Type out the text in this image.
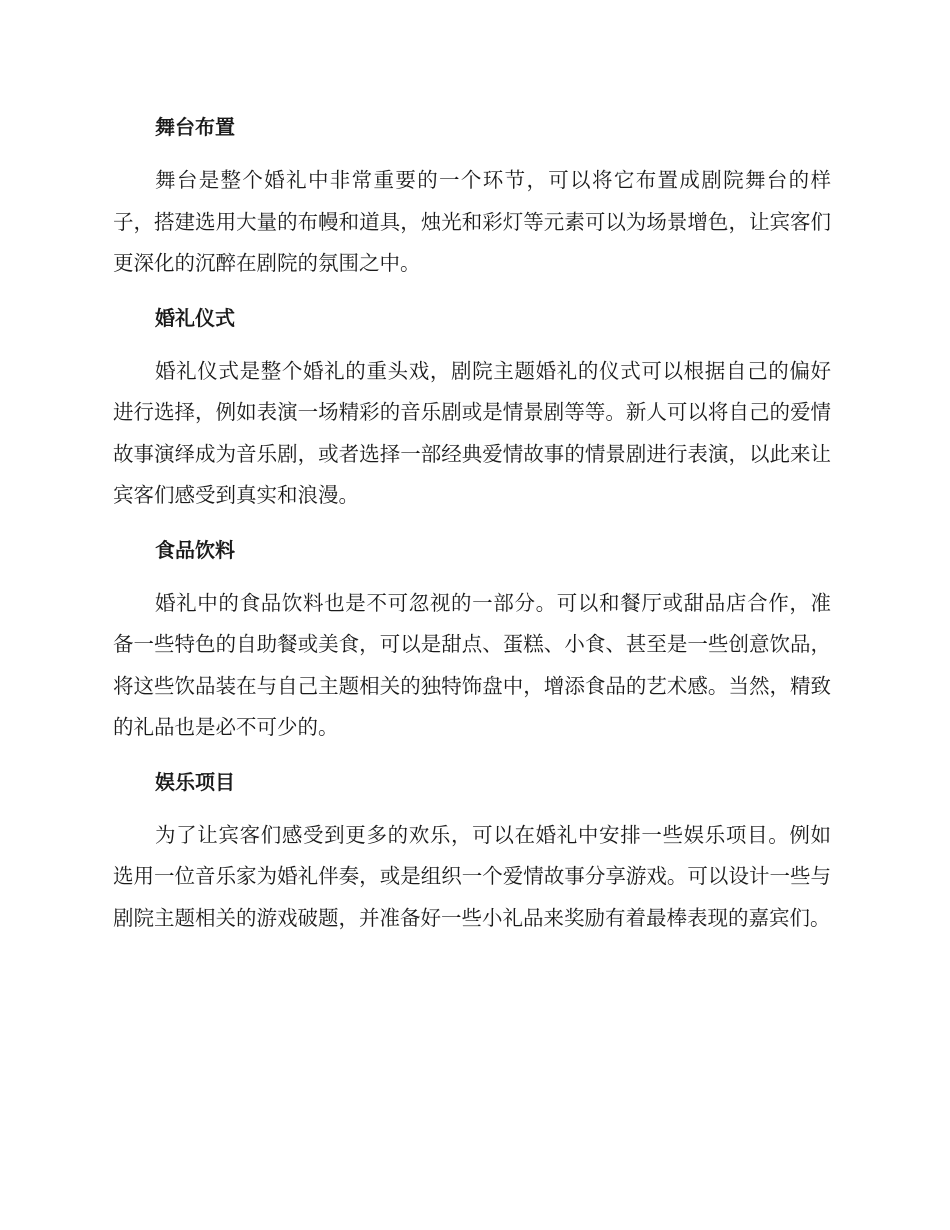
舞台布置

舞台是整个婚礼中非常重要的一个环节，可以将它布置成剧院舞台的样子，搭建选用大量的布幔和道具，烛光和彩灯等元素可以为场景增色，让宾客们更深化的沉醉在剧院的氛围之中。

婚礼仪式

婚礼仪式是整个婚礼的重头戏，剧院主题婚礼的仪式可以根据自己的偏好进行选择，例如表演一场精彩的音乐剧或是情景剧等等。新人可以将自己的爱情故事演绎成为音乐剧，或者选择一部经典爱情故事的情景剧进行表演，以此来让宾客们感受到真实和浪漫。

食品饮料

婚礼中的食品饮料也是不可忽视的一部分。可以和餐厅或甜品店合作，准备一些特色的自助餐或美食，可以是甜点、蛋糕、小食、甚至是一些创意饮品，将这些饮品装在与自己主题相关的独特饰盘中，增添食品的艺术感。当然，精致的礼品也是必不可少的。

娱乐项目

为了让宾客们感受到更多的欢乐，可以在婚礼中安排一些娱乐项目。例如选用一位音乐家为婚礼伴奏，或是组织一个爱情故事分享游戏。可以设计一些与剧院主题相关的游戏破题，并准备好一些小礼品来奖励有着最棒表现的嘉宾们。
